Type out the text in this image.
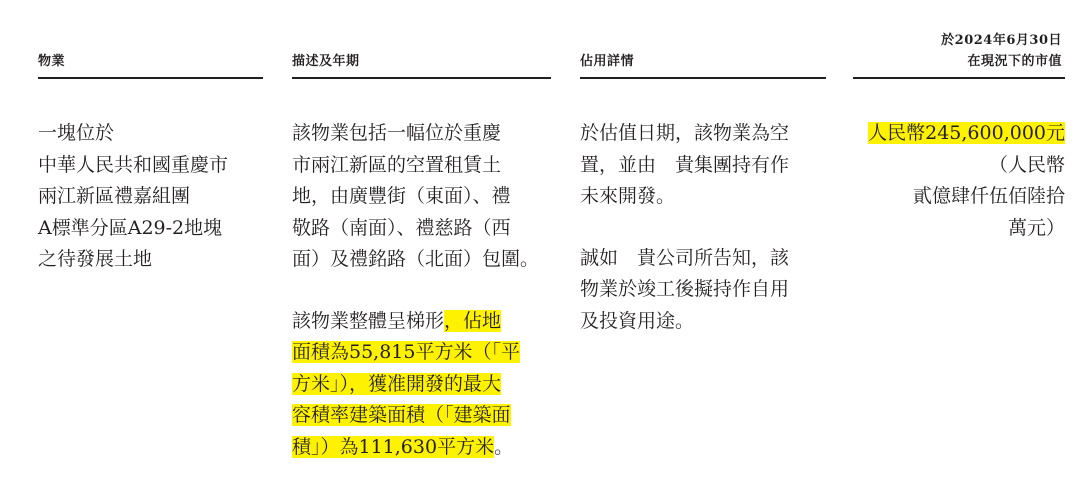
物業	描述及年期	佔用詳情
於2024年6月30日
在現況下的市值
一塊位於
中華人民共和國重慶市
兩江新區禮嘉組團
A標準分區A29-2地塊
之待發展土地
該物業包括一幅位於重慶
市兩江新區的空置租賃土
地，由廣豐街（東面）、禮
敬路（南面）、禮慈路（西
面）及禮銘路（北面）包圍。
該物業整體呈梯形，佔地
面積為55,815平方米（「平
方米」），獲准開發的最大
容積率建築面積（「建築面
積」）為111,630平方米。
於估值日期，該物業為空
置，並由　貴集團持有作
未來開發。
誠如　貴公司所告知，該
物業於竣工後擬持作自用
及投資用途。
人民幣245,600,000元
（人民幣
貳億肆仟伍佰陸拾
萬元）
